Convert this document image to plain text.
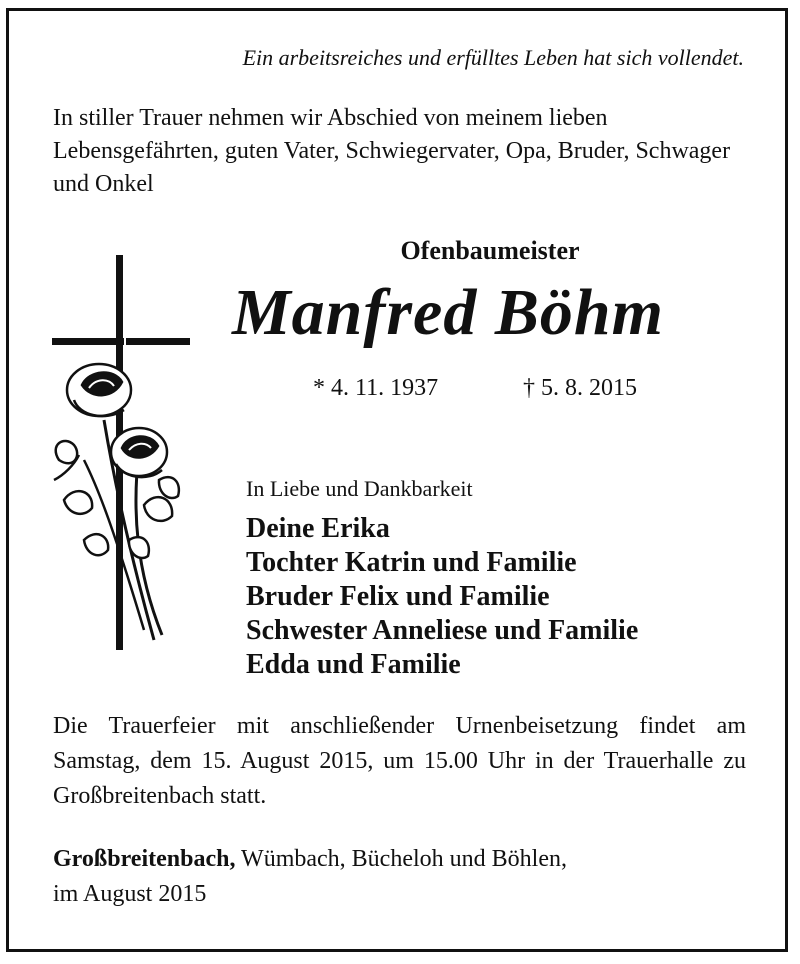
Ein arbeitsreiches und erfülltes Leben hat sich vollendet.
In stiller Trauer nehmen wir Abschied von meinem lieben Lebensgefährten, guten Vater, Schwiegervater, Opa, Bruder, Schwager und Onkel
Ofenbaumeister
Manfred Böhm
* 4. 11. 1937	† 5. 8. 2015
In Liebe und Dankbarkeit
Deine Erika
Tochter Katrin und Familie
Bruder Felix und Familie
Schwester Anneliese und Familie
Edda und Familie
Die Trauerfeier mit anschließender Urnenbeisetzung findet am Samstag, dem 15. August 2015, um 15.00 Uhr in der Trauerhalle zu Großbreitenbach statt.
Großbreitenbach, Wümbach, Bücheloh und Böhlen,
im August 2015
